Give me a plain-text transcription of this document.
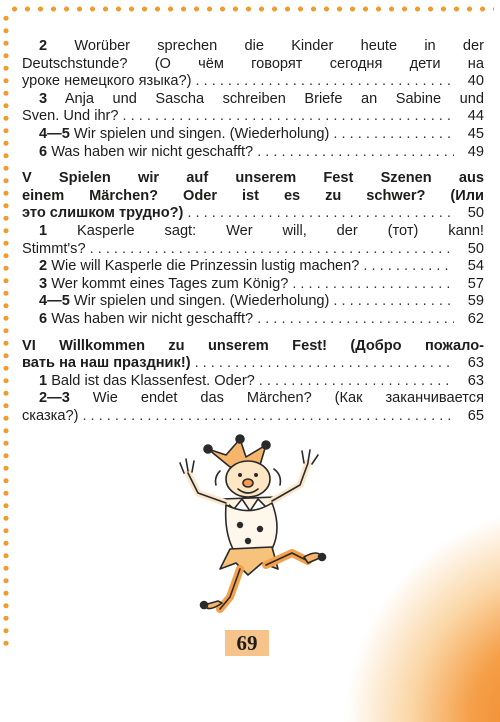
2 Worüber sprechen die Kinder heute in der
Deutschstunde? (О чём говорят сегодня дети на
уроке немецкого языка?) . . .	40
3 Anja und Sascha schreiben Briefe an Sabine und
Sven. Und ihr? . . .	44
4—5 Wir spielen und singen. (Wiederholung) . . .	45
6 Was haben wir nicht geschafft? . . .	49
V Spielen wir auf unserem Fest Szenen aus
einem Märchen? Oder ist es zu schwer? (Или
это слишком трудно?) . . .	50
1 Kasperle sagt: Wer will, der (тот) kann!
Stimmt's? . . .	50
2 Wie will Kasperle die Prinzessin lustig machen? . . .	54
3 Wer kommt eines Tages zum König? . . .	57
4—5 Wir spielen und singen. (Wiederholung) . . .	59
6 Was haben wir nicht geschafft? . . .	62
VI Willkommen zu unserem Fest! (Добро пожало-
вать на наш праздник!) . . .	63
1 Bald ist das Klassenfest. Oder? . . .	63
2—3 Wie endet das Märchen? (Как заканчивается
сказка?) . . .	65
69
